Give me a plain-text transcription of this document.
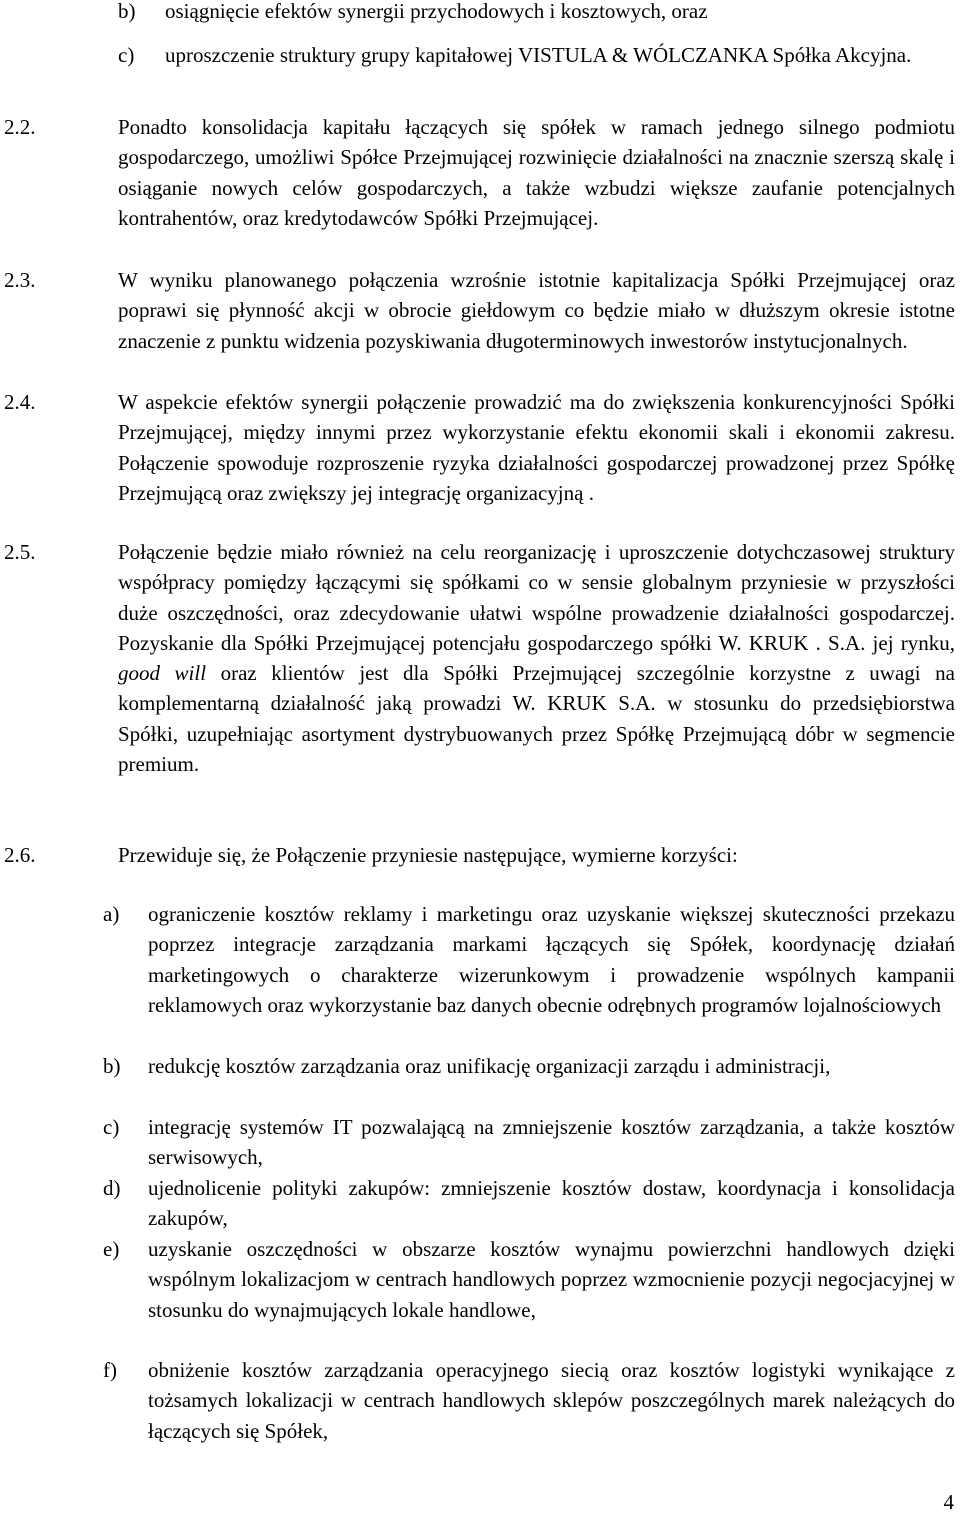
b) osiągnięcie efektów synergii przychodowych i kosztowych, oraz
c) uproszczenie struktury grupy kapitałowej VISTULA & WÓLCZANKA Spółka Akcyjna.
2.2.	Ponadto konsolidacja kapitału łączących się spółek w ramach jednego silnego podmiotu gospodarczego, umożliwi Spółce Przejmującej rozwinięcie działalności na znacznie szerszą skalę i osiąganie nowych celów gospodarczych, a także wzbudzi większe zaufanie potencjalnych kontrahentów, oraz kredytodawców Spółki Przejmującej.
2.3.	W wyniku planowanego połączenia wzrośnie istotnie kapitalizacja Spółki Przejmującej oraz poprawi się płynność akcji w obrocie giełdowym co będzie miało w dłuższym okresie istotne znaczenie z punktu widzenia pozyskiwania długoterminowych inwestorów instytucjonalnych.
2.4.	W aspekcie efektów synergii połączenie prowadzić ma do zwiększenia konkurencyjności Spółki Przejmującej, między innymi przez wykorzystanie efektu ekonomii skali i ekonomii zakresu. Połączenie spowoduje rozproszenie ryzyka działalności gospodarczej prowadzonej przez Spółkę Przejmującą oraz zwiększy jej integrację organizacyjną .
2.5.	Połączenie będzie miało również na celu reorganizację i uproszczenie dotychczasowej struktury współpracy pomiędzy łączącymi się spółkami co w sensie globalnym przyniesie w przyszłości duże oszczędności, oraz zdecydowanie ułatwi wspólne prowadzenie działalności gospodarczej. Pozyskanie dla Spółki Przejmującej potencjału gospodarczego spółki W. KRUK . S.A. jej rynku, good will oraz klientów jest dla Spółki Przejmującej szczególnie korzystne z uwagi na komplementarną działalność jaką prowadzi W. KRUK S.A. w stosunku do przedsiębiorstwa Spółki, uzupełniając asortyment dystrybuowanych przez Spółkę Przejmującą dóbr w segmencie premium.
2.6.	Przewiduje się, że Połączenie przyniesie następujące, wymierne korzyści:
a) ograniczenie kosztów reklamy i marketingu oraz uzyskanie większej skuteczności przekazu poprzez integracje zarządzania markami łączących się Spółek, koordynację działań marketingowych o charakterze wizerunkowym i prowadzenie wspólnych kampanii reklamowych oraz wykorzystanie baz danych obecnie odrębnych programów lojalnościowych
b) redukcję kosztów zarządzania oraz unifikację organizacji zarządu i administracji,
c) integrację systemów IT pozwalającą na zmniejszenie kosztów zarządzania, a także kosztów serwisowych,
d) ujednolicenie polityki zakupów: zmniejszenie kosztów dostaw, koordynacja i konsolidacja zakupów,
e) uzyskanie oszczędności w obszarze kosztów wynajmu powierzchni handlowych dzięki wspólnym lokalizacjom w centrach handlowych poprzez wzmocnienie pozycji negocjacyjnej w stosunku do wynajmujących lokale handlowe,
f) obniżenie kosztów zarządzania operacyjnego siecią oraz kosztów logistyki wynikające z tożsamych lokalizacji w centrach handlowych sklepów poszczególnych marek należących do łączących się Spółek,
4
